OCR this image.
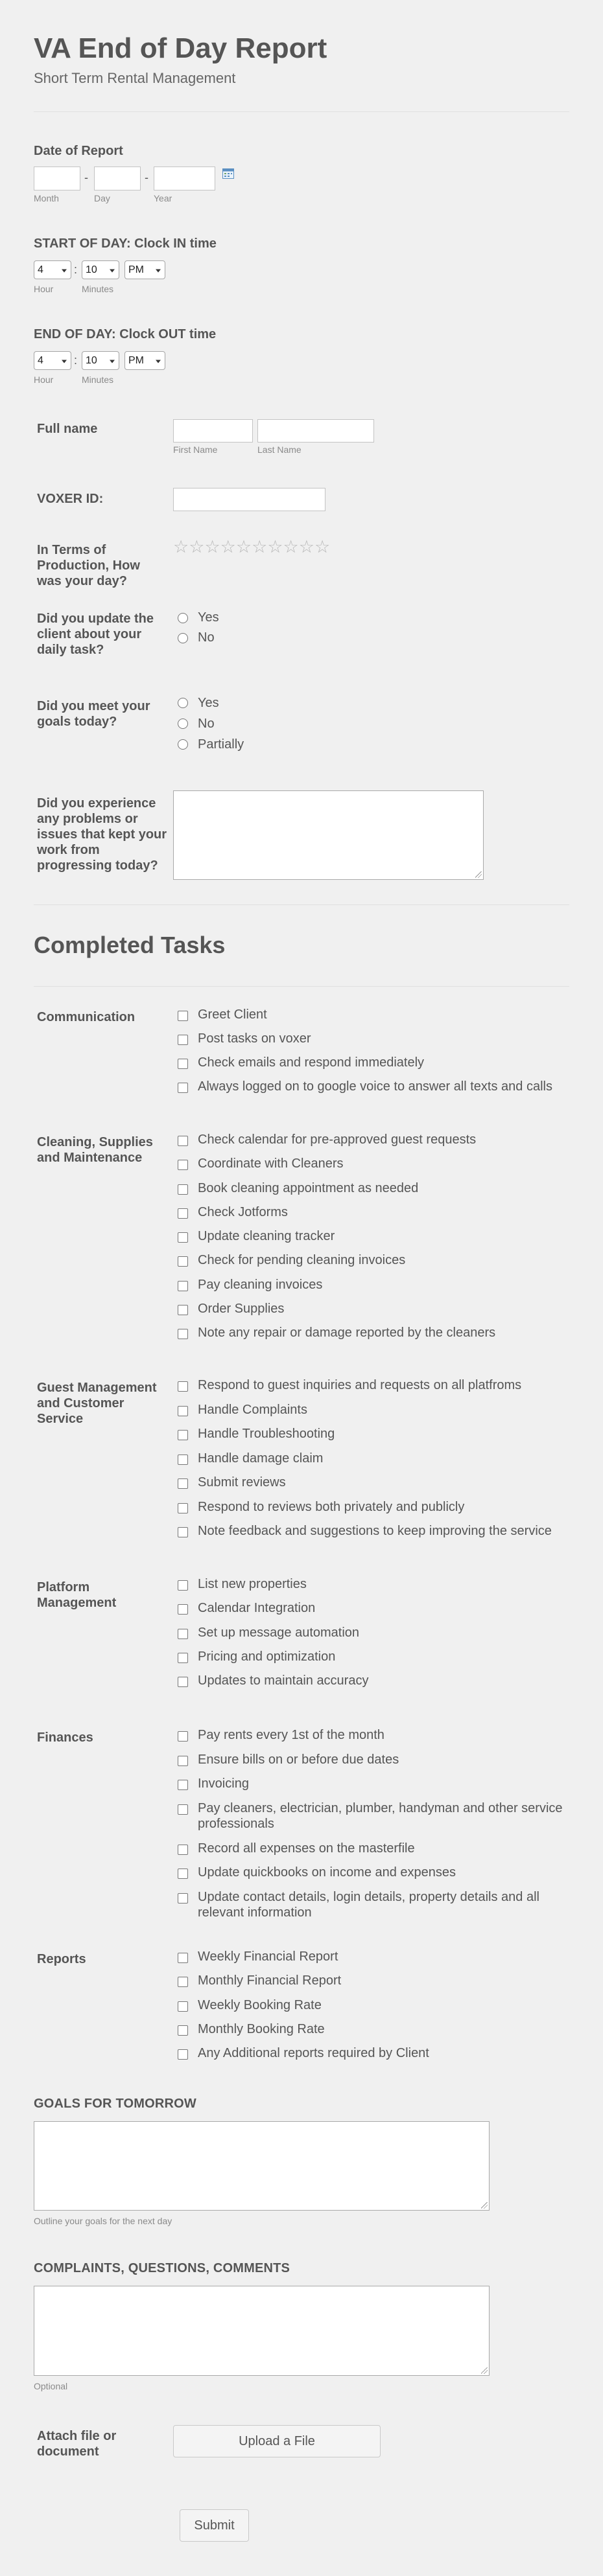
VA End of Day Report
Short Term Rental Management
Date of Report
-	-
Month	Day	Year
START OF DAY: Clock IN time
4	: 10	PM
Hour	Minutes
END OF DAY: Clock OUT time
4	: 10	PM
Hour	Minutes
Full name
First Name	Last Name
VOXER ID:
In Terms of Production, How was your day?
☆ ☆ ☆ ☆ ☆ ☆ ☆ ☆ ☆ ☆
Did you update the client about your daily task?
Yes
No
Did you meet your goals today?
Yes
No
Partially
Did you experience any problems or issues that kept your work from progressing today?
Completed Tasks
Communication	Greet Client
Post tasks on voxer
Check emails and respond immediately
Always logged on to google voice to answer all texts and calls
Cleaning, Supplies and Maintenance
Check calendar for pre-approved guest requests
Coordinate with Cleaners
Book cleaning appointment as needed
Check Jotforms
Update cleaning tracker
Check for pending cleaning invoices
Pay cleaning invoices
Order Supplies
Note any repair or damage reported by the cleaners
Guest Management and Customer Service
Respond to guest inquiries and requests on all platfroms
Handle Complaints
Handle Troubleshooting
Handle damage claim
Submit reviews
Respond to reviews both privately and publicly
Note feedback and suggestions to keep improving the service
Platform Management
List new properties
Calendar Integration
Set up message automation
Pricing and optimization
Updates to maintain accuracy
Finances	Pay rents every 1st of the month
Ensure bills on or before due dates
Invoicing
Pay cleaners, electrician, plumber, handyman and other service professionals
Record all expenses on the masterfile
Update quickbooks on income and expenses
Update contact details, login details, property details and all relevant information
Reports	Weekly Financial Report
Monthly Financial Report
Weekly Booking Rate
Monthly Booking Rate
Any Additional reports required by Client
GOALS FOR TOMORROW
Outline your goals for the next day
COMPLAINTS, QUESTIONS, COMMENTS
Optional
Attach file or document
Upload a File
Submit
